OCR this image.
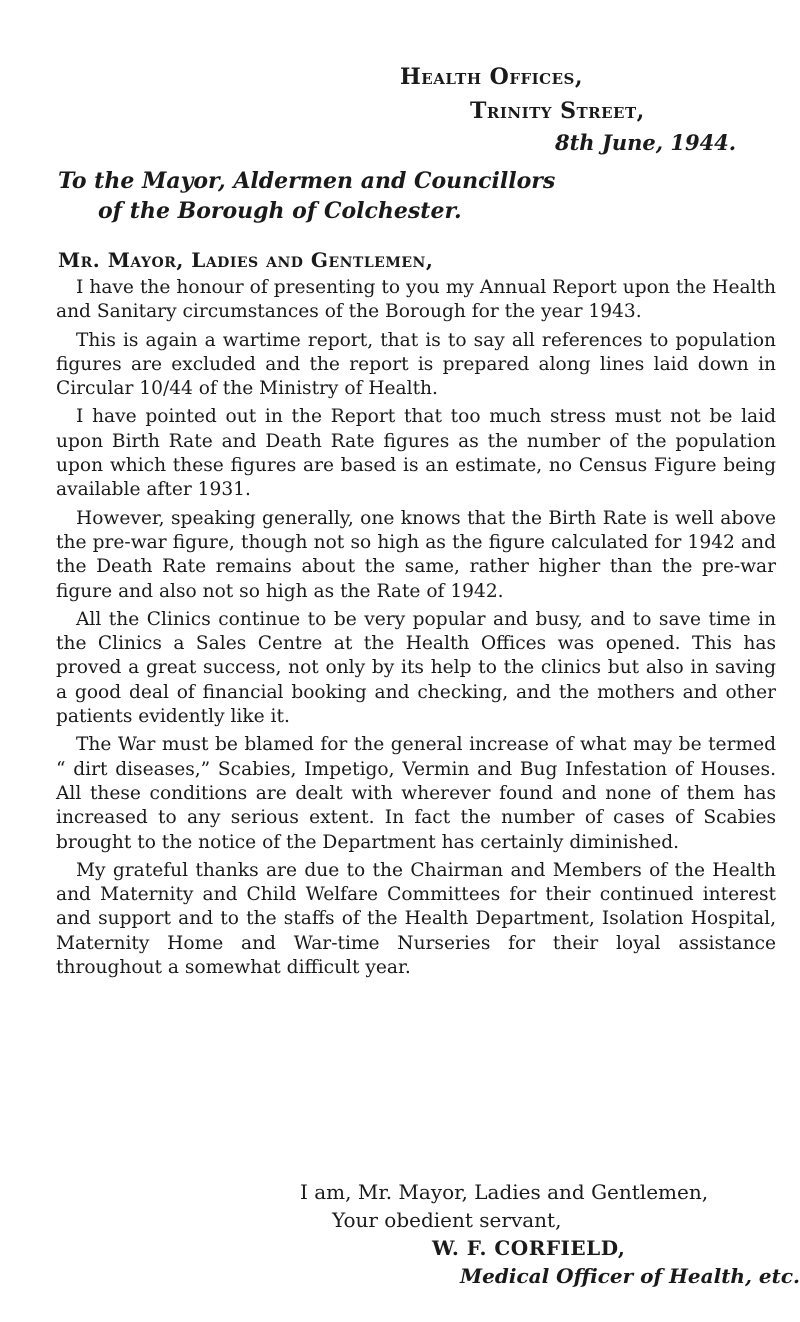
Health Offices,
Trinity Street,
8th June, 1944.
To the Mayor, Aldermen and Councillors
of the Borough of Colchester.
Mr. Mayor, Ladies and Gentlemen,

I have the honour of presenting to you my Annual Report upon the Health and Sanitary circumstances of the Borough for the year 1943.

This is again a wartime report, that is to say all references to population figures are excluded and the report is prepared along lines laid down in Circular 10/44 of the Ministry of Health.

I have pointed out in the Report that too much stress must not be laid upon Birth Rate and Death Rate figures as the number of the population upon which these figures are based is an estimate, no Census Figure being available after 1931.

However, speaking generally, one knows that the Birth Rate is well above the pre-war figure, though not so high as the figure calculated for 1942 and the Death Rate remains about the same, rather higher than the pre-war figure and also not so high as the Rate of 1942.

All the Clinics continue to be very popular and busy, and to save time in the Clinics a Sales Centre at the Health Offices was opened. This has proved a great success, not only by its help to the clinics but also in saving a good deal of financial booking and checking, and the mothers and other patients evidently like it.

The War must be blamed for the general increase of what may be termed “ dirt diseases,” Scabies, Impetigo, Vermin and Bug Infestation of Houses. All these conditions are dealt with wherever found and none of them has increased to any serious extent. In fact the number of cases of Scabies brought to the notice of the Department has certainly diminished.

My grateful thanks are due to the Chairman and Members of the Health and Maternity and Child Welfare Committees for their continued interest and support and to the staffs of the Health Department, Isolation Hospital, Maternity Home and War-time Nurseries for their loyal assistance throughout a somewhat difficult year.

I am, Mr. Mayor, Ladies and Gentlemen,
Your obedient servant,
W. F. CORFIELD,
Medical Officer of Health, etc.
